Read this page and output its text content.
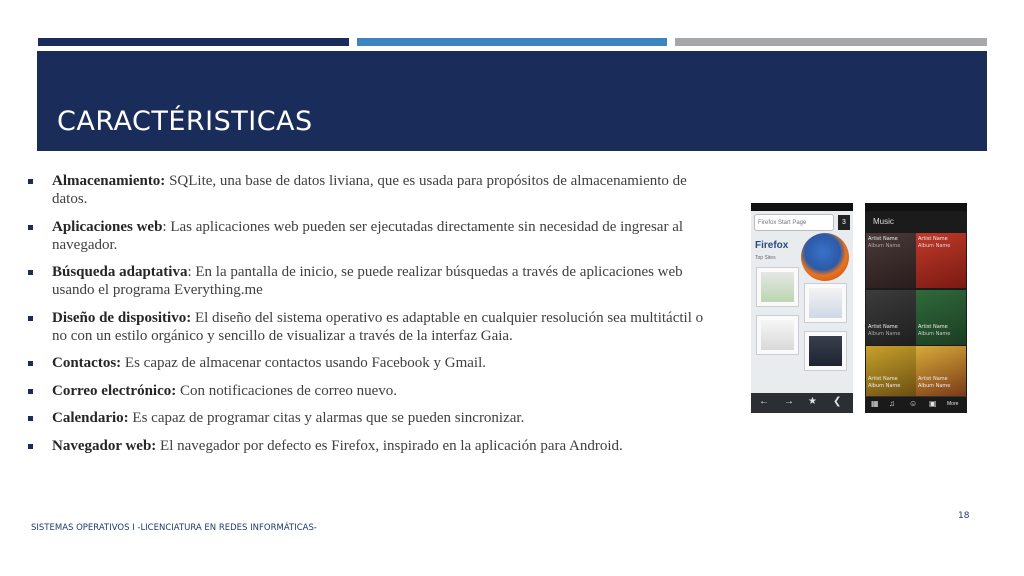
CARACTÉRISTICAS
Almacenamiento: SQLite, una base de datos liviana, que es usada para propósitos de almacenamiento de datos.
Aplicaciones web: Las aplicaciones web pueden ser ejecutadas directamente sin necesidad de ingresar al navegador.
Búsqueda adaptativa: En la pantalla de inicio, se puede realizar búsquedas a través de aplicaciones web usando el programa Everything.me
Diseño de dispositivo: El diseño del sistema operativo es adaptable en cualquier resolución sea multitáctil o no con un estilo orgánico y sencillo de visualizar a través de la interfaz Gaia.
Contactos: Es capaz de almacenar contactos usando Facebook y Gmail.
Correo electrónico: Con notificaciones de correo nuevo.
Calendario: Es capaz de programar citas y alarmas que se pueden sincronizar.
Navegador web: El navegador por defecto es Firefox, inspirado en la aplicación para Android.
Firefox Start Page	3
Firefox
Top Sites
← → ★ ❮
Music
Artist Name
Album Name
Artist Name
Album Name
Artist Name
Album Name
Artist Name
Album Name
Artist Name
Album Name
Artist Name
Album Name
▦ ♫ ☺ ▣ More
SISTEMAS OPERATIVOS I -LICENCIATURA EN REDES INFORMÁTICAS-
18
